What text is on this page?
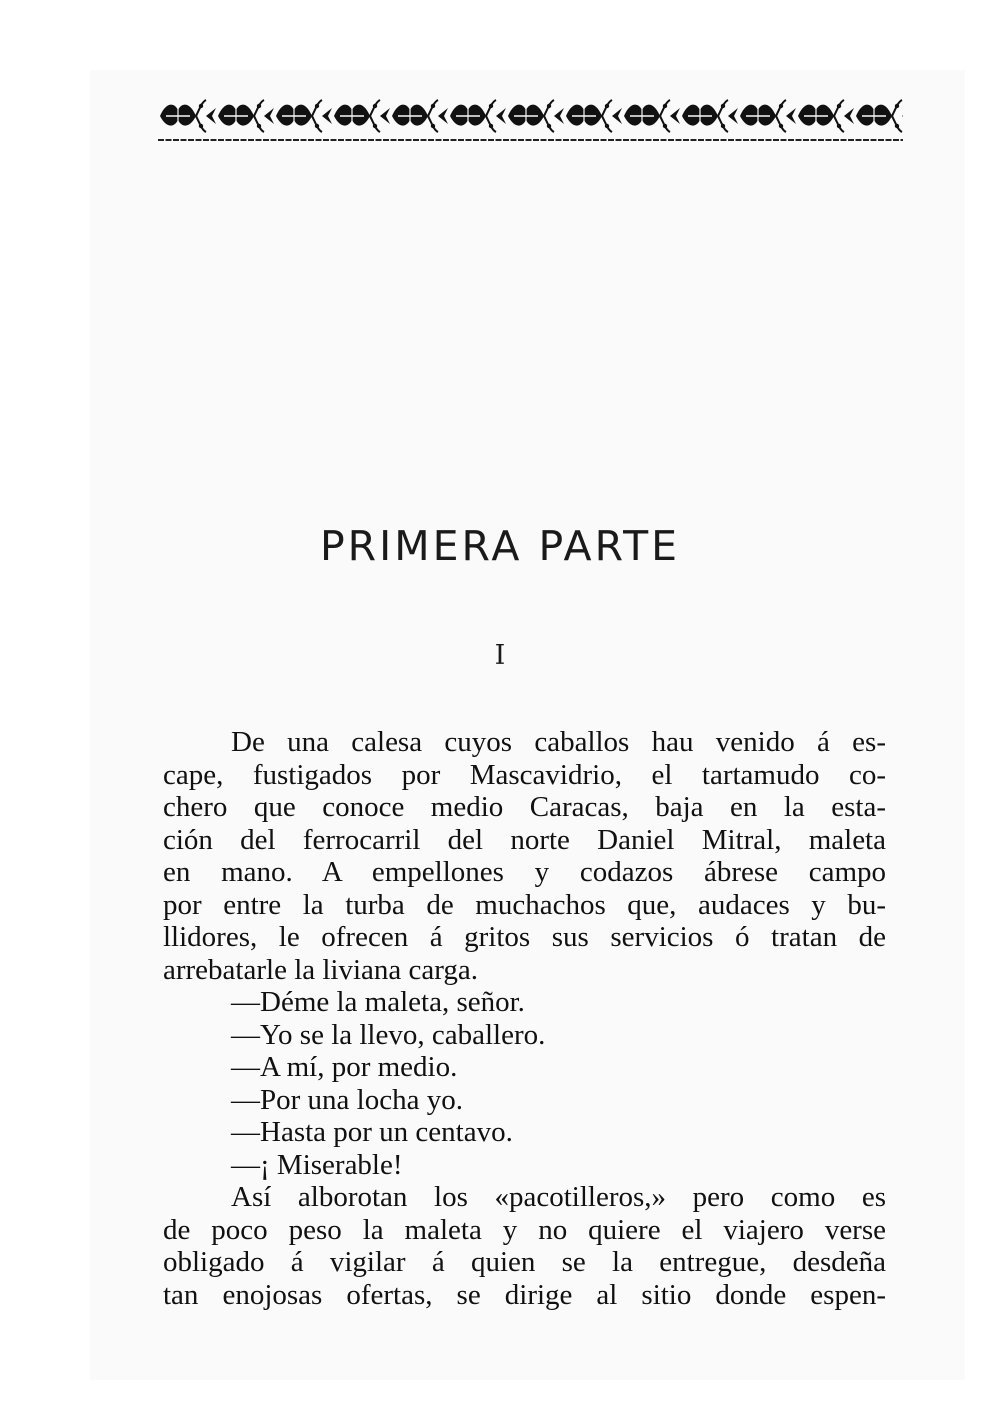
PRIMERA PARTE
I

De una calesa cuyos caballos hau venido á es-

cape, fustigados por Mascavidrio, el tartamudo co-

chero que conoce medio Caracas, baja en la esta-

ción del ferrocarril del norte Daniel Mitral, maleta

en mano. A empellones y codazos ábrese campo

por entre la turba de muchachos que, audaces y bu-

llidores, le ofrecen á gritos sus servicios ó tratan de

arrebatarle la liviana carga.

—Déme la maleta, señor.

—Yo se la llevo, caballero.

—A mí, por medio.

—Por una locha yo.

—Hasta por un centavo.

—¡ Miserable!

Así alborotan los «pacotilleros,» pero como es

de poco peso la maleta y no quiere el viajero verse

obligado á vigilar á quien se la entregue, desdeña

tan enojosas ofertas, se dirige al sitio donde espen-
